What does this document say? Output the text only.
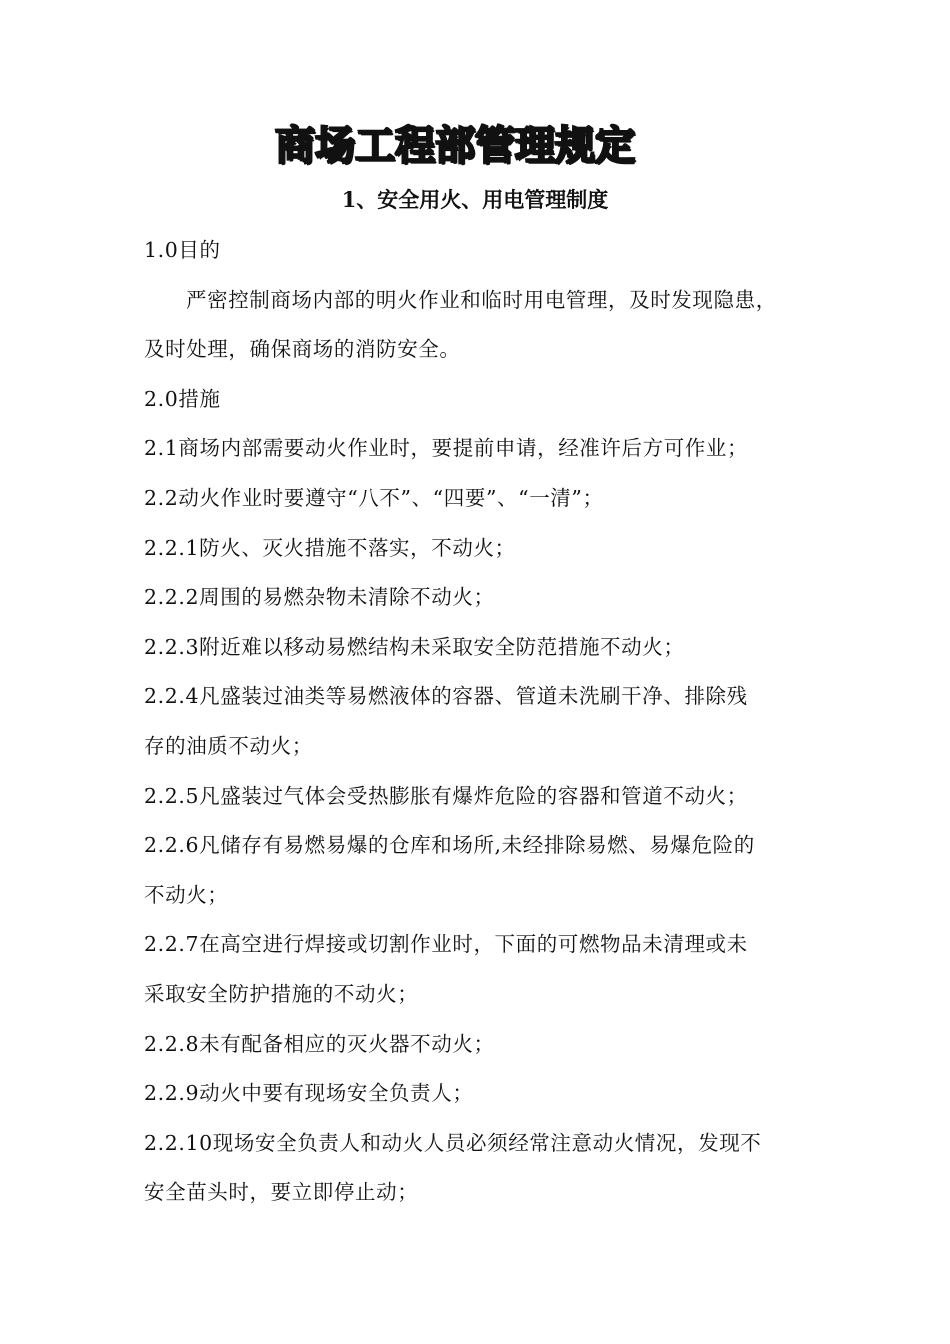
商场工程部管理规定
1、安全用火、用电管理制度
1.0目的
严密控制商场内部的明火作业和临时用电管理，及时发现隐患，
及时处理，确保商场的消防安全。
2.0措施
2.1商场内部需要动火作业时，要提前申请，经准许后方可作业；
2.2动火作业时要遵守“八不”、“四要”、“一清”；
2.2.1防火、灭火措施不落实，不动火；
2.2.2周围的易燃杂物未清除不动火；
2.2.3附近难以移动易燃结构未采取安全防范措施不动火；
2.2.4凡盛装过油类等易燃液体的容器、管道未洗刷干净、排除残
存的油质不动火；
2.2.5凡盛装过气体会受热膨胀有爆炸危险的容器和管道不动火；
2.2.6凡储存有易燃易爆的仓库和场所,未经排除易燃、易爆危险的
不动火；
2.2.7在高空进行焊接或切割作业时，下面的可燃物品未清理或未
采取安全防护措施的不动火；
2.2.8未有配备相应的灭火器不动火；
2.2.9动火中要有现场安全负责人；
2.2.10现场安全负责人和动火人员必须经常注意动火情况，发现不
安全苗头时，要立即停止动；
